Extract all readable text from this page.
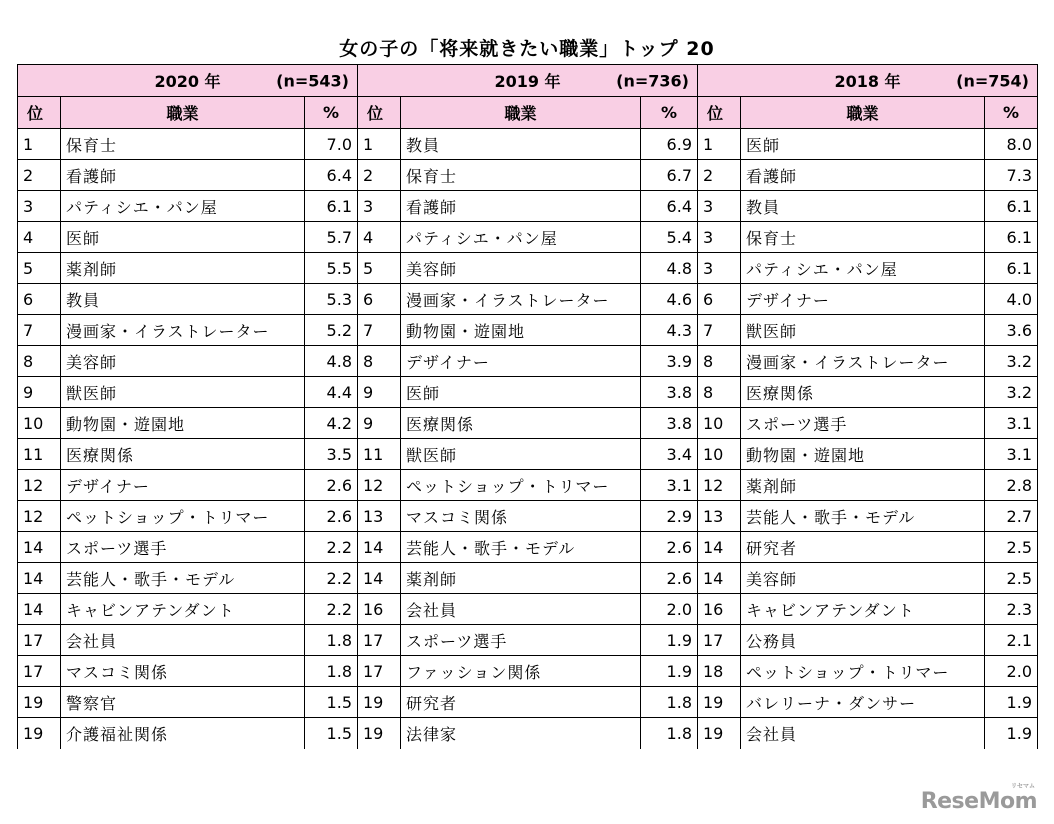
女の子の「将来就きたい職業」トップ 20
2020 年 (n=543)			2019 年 (n=736)			2018 年 (n=754)		

位	職業	%	位	職業	%	位	職業	%
1	保育士	7.0	1	教員	6.9	1	医師	8.0
2	看護師	6.4	2	保育士	6.7	2	看護師	7.3
3	パティシエ・パン屋	6.1	3	看護師	6.4	3	教員	6.1
4	医師	5.7	4	パティシエ・パン屋	5.4	3	保育士	6.1
5	薬剤師	5.5	5	美容師	4.8	3	パティシエ・パン屋	6.1
6	教員	5.3	6	漫画家・イラストレーター	4.6	6	デザイナー	4.0
7	漫画家・イラストレーター	5.2	7	動物園・遊園地	4.3	7	獣医師	3.6
8	美容師	4.8	8	デザイナー	3.9	8	漫画家・イラストレーター	3.2
9	獣医師	4.4	9	医師	3.8	8	医療関係	3.2
10	動物園・遊園地	4.2	9	医療関係	3.8	10	スポーツ選手	3.1
11	医療関係	3.5	11	獣医師	3.4	10	動物園・遊園地	3.1
12	デザイナー	2.6	12	ペットショップ・トリマー	3.1	12	薬剤師	2.8
12	ペットショップ・トリマー	2.6	13	マスコミ関係	2.9	13	芸能人・歌手・モデル	2.7
14	スポーツ選手	2.2	14	芸能人・歌手・モデル	2.6	14	研究者	2.5
14	芸能人・歌手・モデル	2.2	14	薬剤師	2.6	14	美容師	2.5
14	キャビンアテンダント	2.2	16	会社員	2.0	16	キャビンアテンダント	2.3
17	会社員	1.8	17	スポーツ選手	1.9	17	公務員	2.1
17	マスコミ関係	1.8	17	ファッション関係	1.9	18	ペットショップ・トリマー	2.0
19	警察官	1.5	19	研究者	1.8	19	バレリーナ・ダンサー	1.9
19	介護福祉関係	1.5	19	法律家	1.8	19	会社員	1.9
ReseMom
リセマム
